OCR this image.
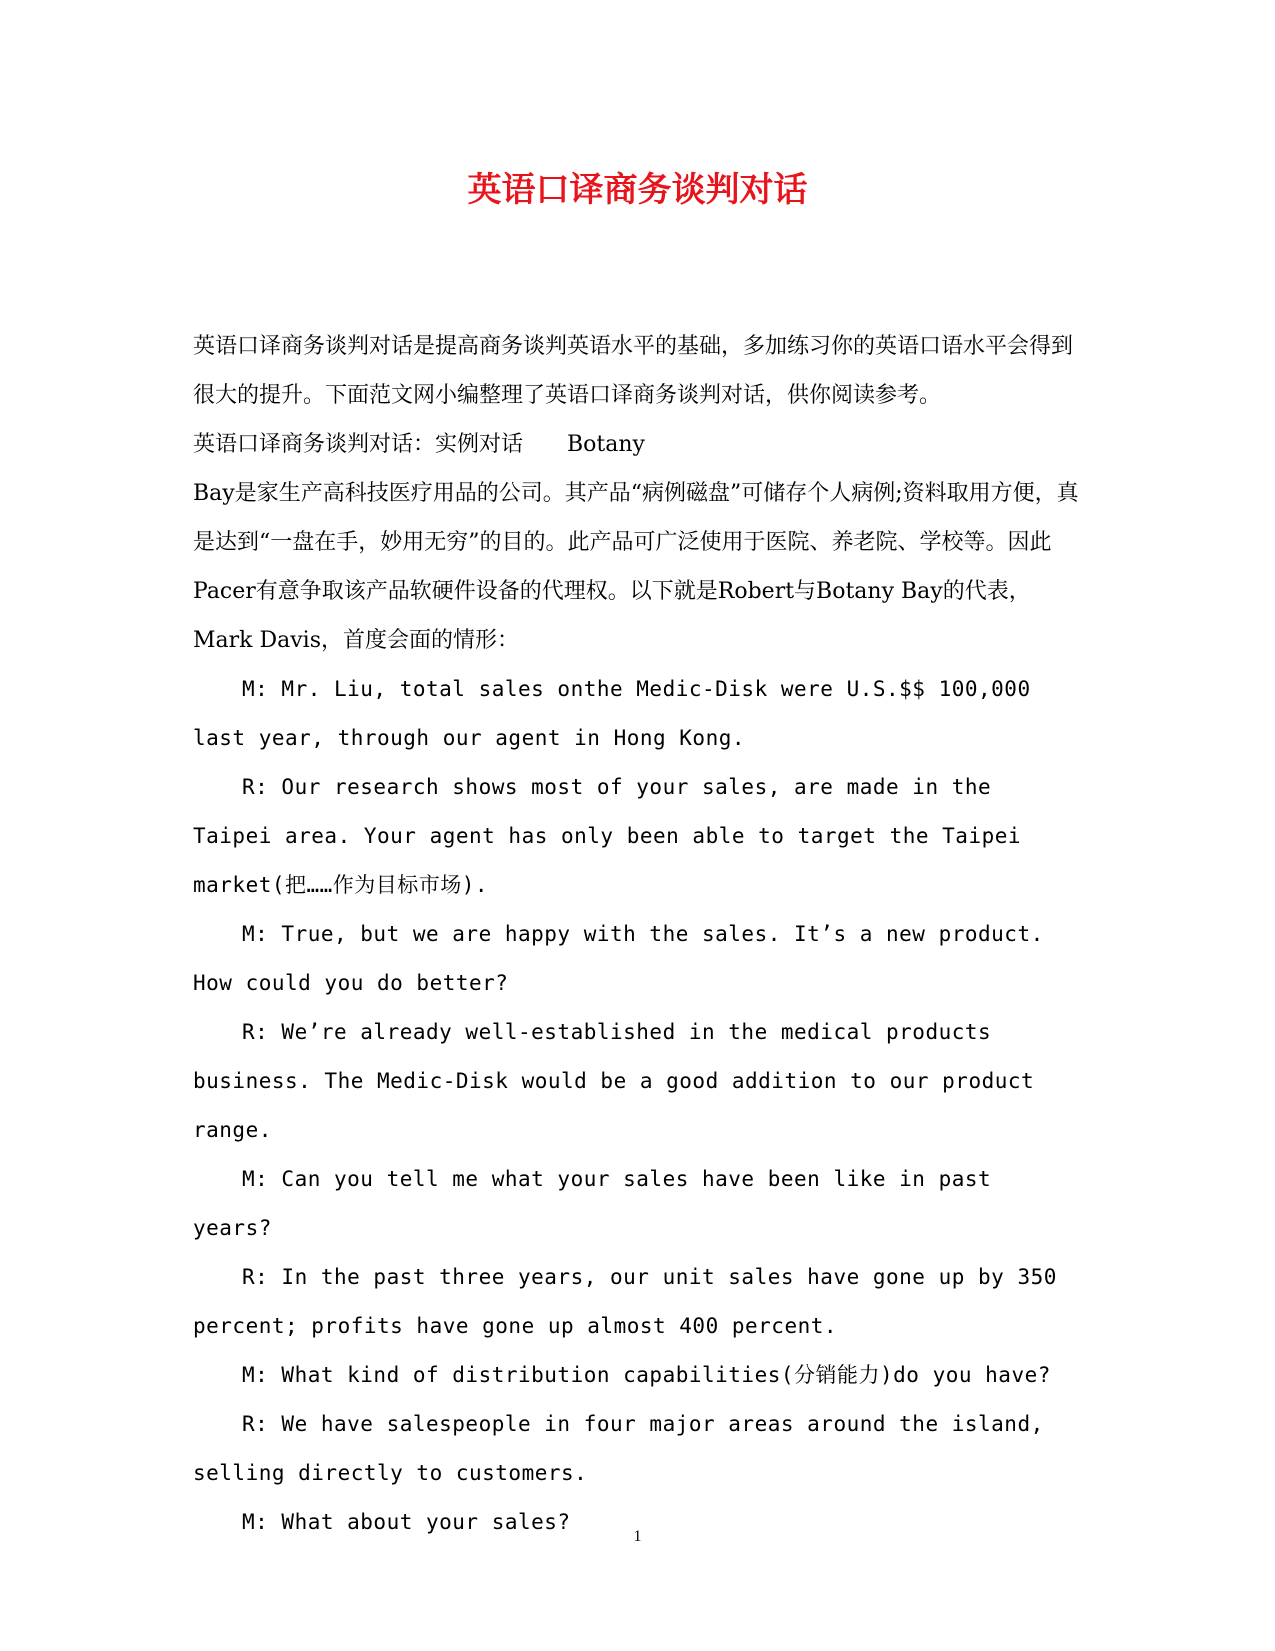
英语口译商务谈判对话

英语口译商务谈判对话是提高商务谈判英语水平的基础，多加练习你的英语口语水平会得到很大的提升。下面范文网小编整理了英语口译商务谈判对话，供你阅读参考。

英语口译商务谈判对话：实例对话　　Botany
Bay是家生产高科技医疗用品的公司。其产品“病例磁盘”可储存个人病例;资料取用方便，真是达到“一盘在手，妙用无穷”的目的。此产品可广泛使用于医院、养老院、学校等。因此Pacer有意争取该产品软硬件设备的代理权。以下就是Robert与Botany Bay的代表，Mark Davis，首度会面的情形：

M: Mr. Liu, total sales onthe Medic-Disk were U.S.$$ 100,000 last year, through our agent in Hong Kong.

R: Our research shows most of your sales, are made in the Taipei area. Your agent has only been able to target the Taipei
market(把……作为目标市场).

M: True, but we are happy with the sales. It’s a new product. How could you do better?

R: We’re already well-established in the medical products business. The Medic-Disk would be a good addition to our product range.

M: Can you tell me what your sales have been like in past years?

R: In the past three years, our unit sales have gone up by 350 percent; profits have gone up almost 400 percent.

M: What kind of distribution capabilities(分销能力)do you have?

R: We have salespeople in four major areas around the island, selling directly to customers.

M: What about your sales?

1
